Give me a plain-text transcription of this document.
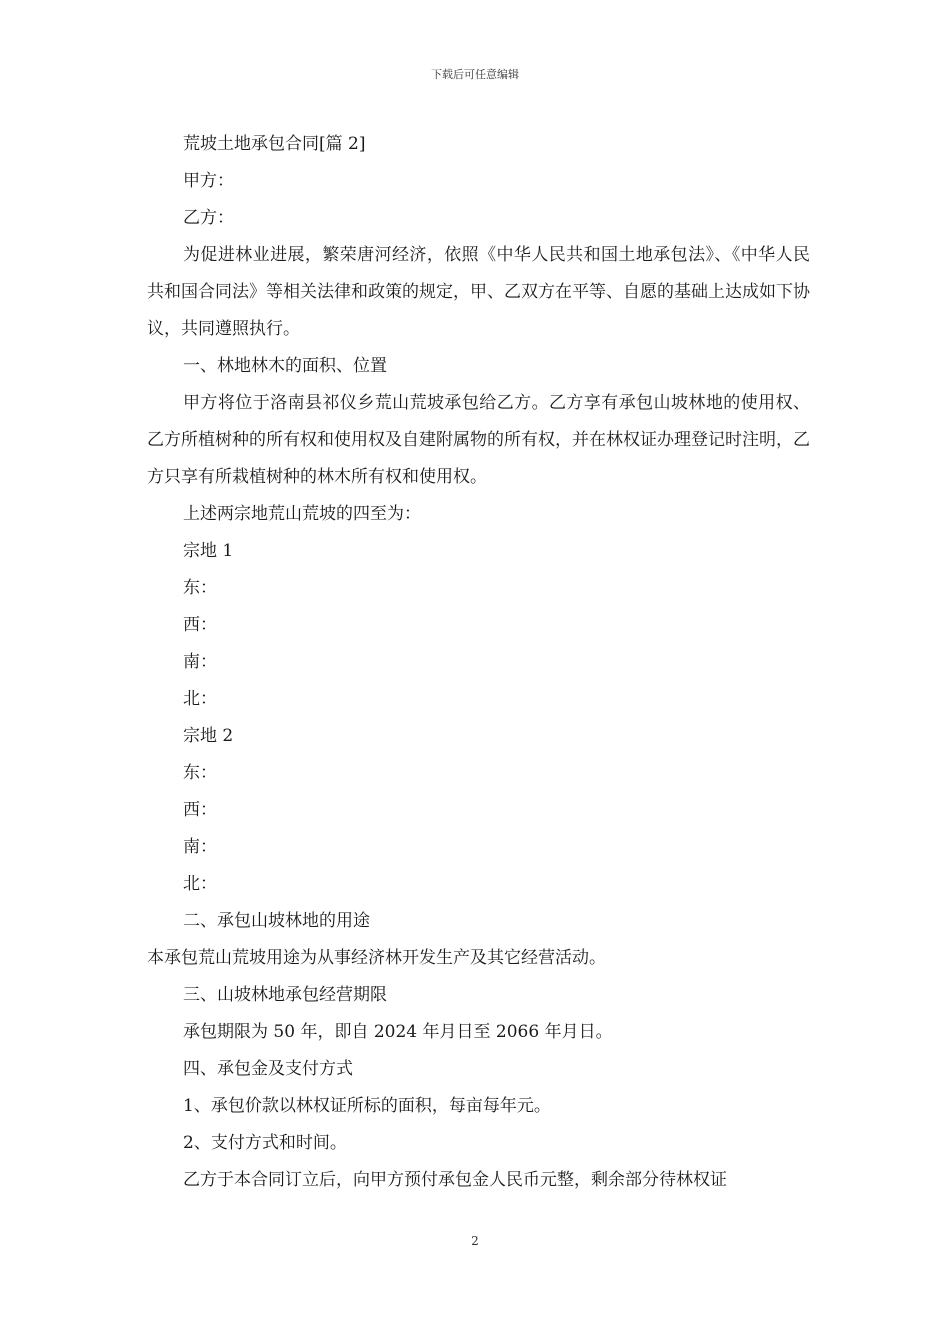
下载后可任意编辑

荒坡土地承包合同[篇 2]

甲方：

乙方：

为促进林业进展，繁荣唐河经济，依照《中华人民共和国土地承包法》、《中华人民共和国合同法》等相关法律和政策的规定，甲、乙双方在平等、自愿的基础上达成如下协议，共同遵照执行。

一、林地林木的面积、位置

甲方将位于洛南县祁仪乡荒山荒坡承包给乙方。乙方享有承包山坡林地的使用权、乙方所植树种的所有权和使用权及自建附属物的所有权，并在林权证办理登记时注明，乙方只享有所栽植树种的林木所有权和使用权。

上述两宗地荒山荒坡的四至为：

宗地 1

东：

西：

南：

北：

宗地 2

东：

西：

南：

北：

二、承包山坡林地的用途

本承包荒山荒坡用途为从事经济林开发生产及其它经营活动。

三、山坡林地承包经营期限

承包期限为 50 年，即自 2024 年月日至 2066 年月日。

四、承包金及支付方式

1、承包价款以林权证所标的面积，每亩每年元。

2、支付方式和时间。

乙方于本合同订立后，向甲方预付承包金人民币元整，剩余部分待林权证

2
